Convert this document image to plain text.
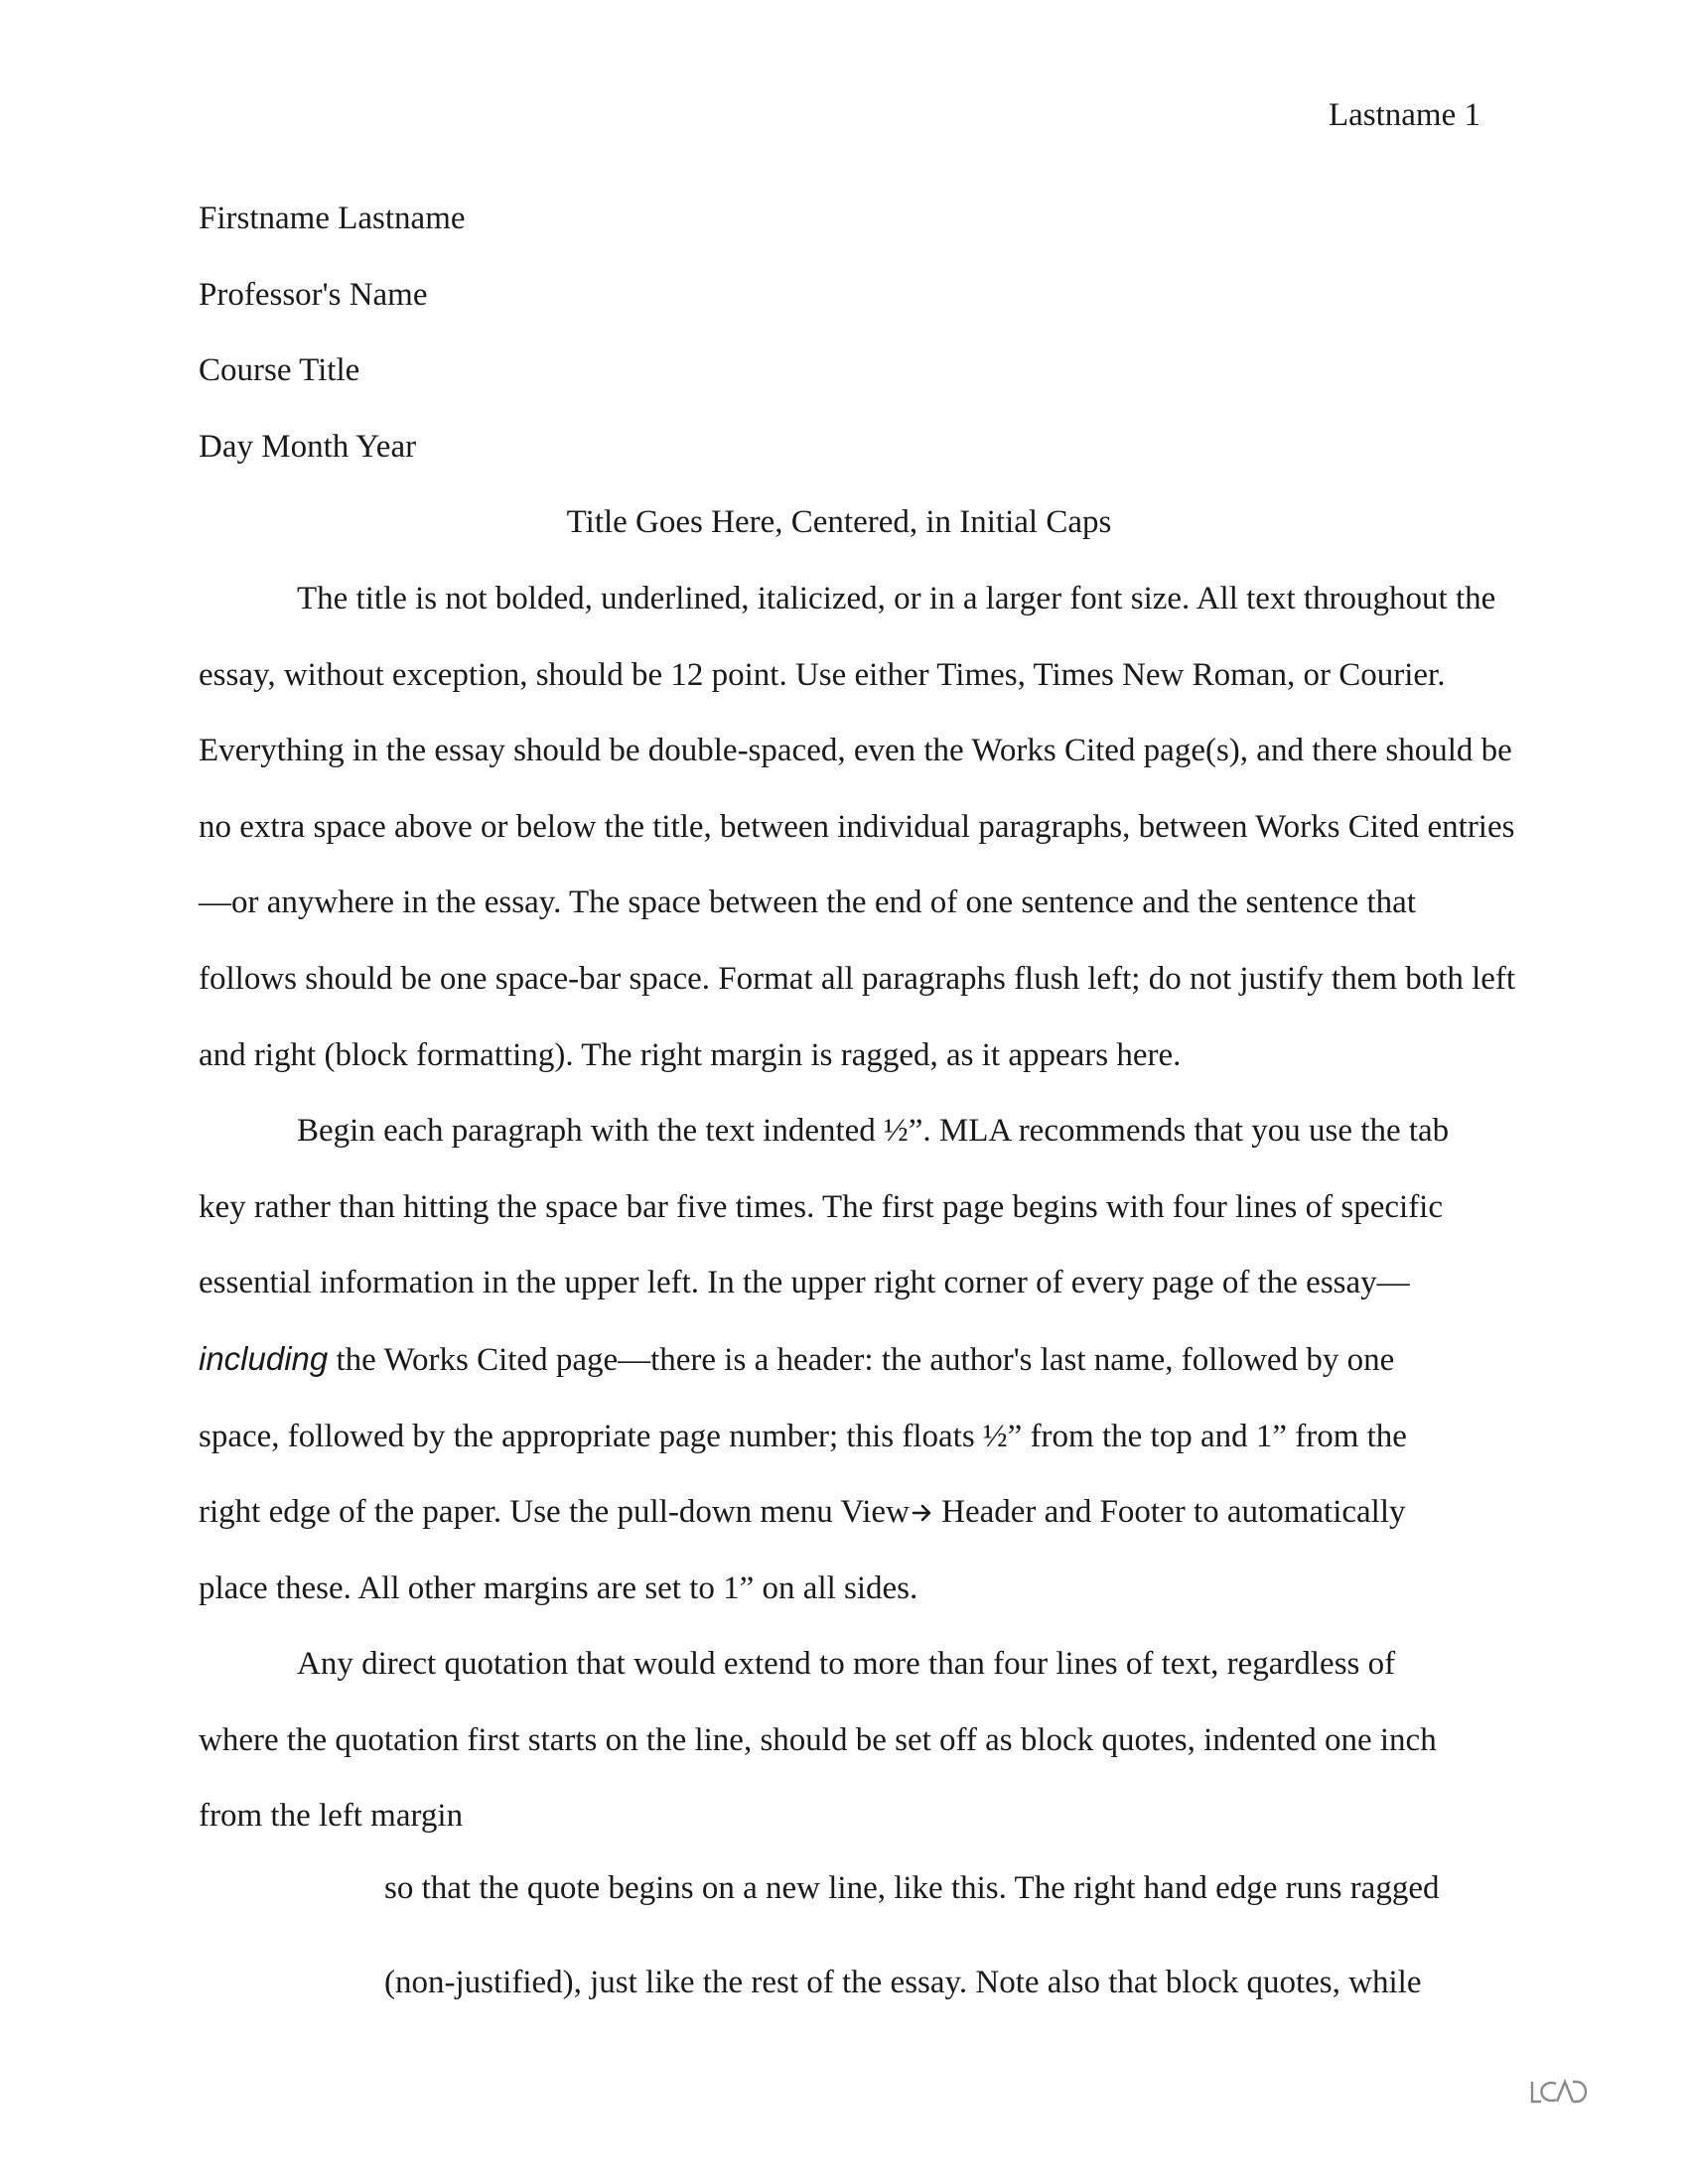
Lastname 1
Firstname Lastname
Professor's Name
Course Title
Day Month Year
Title Goes Here, Centered, in Initial Caps
The title is not bolded, underlined, italicized, or in a larger font size. All text throughout the
essay, without exception, should be 12 point. Use either Times, Times New Roman, or Courier.
Everything in the essay should be double-spaced, even the Works Cited page(s), and there should be
no extra space above or below the title, between individual paragraphs, between Works Cited entries
—or anywhere in the essay. The space between the end of one sentence and the sentence that
follows should be one space-bar space. Format all paragraphs flush left; do not justify them both left
and right (block formatting). The right margin is ragged, as it appears here.
Begin each paragraph with the text indented ½”. MLA recommends that you use the tab
key rather than hitting the space bar five times. The first page begins with four lines of specific
essential information in the upper left. In the upper right corner of every page of the essay—
including the Works Cited page—there is a header: the author's last name, followed by one
space, followed by the appropriate page number; this floats ½” from the top and 1” from the
right edge of the paper. Use the pull-down menu View Header and Footer to automatically
place these. All other margins are set to 1” on all sides.
Any direct quotation that would extend to more than four lines of text, regardless of
where the quotation first starts on the line, should be set off as block quotes, indented one inch
from the left margin
so that the quote begins on a new line, like this. The right hand edge runs ragged
(non-justified), just like the rest of the essay. Note also that block quotes, while
